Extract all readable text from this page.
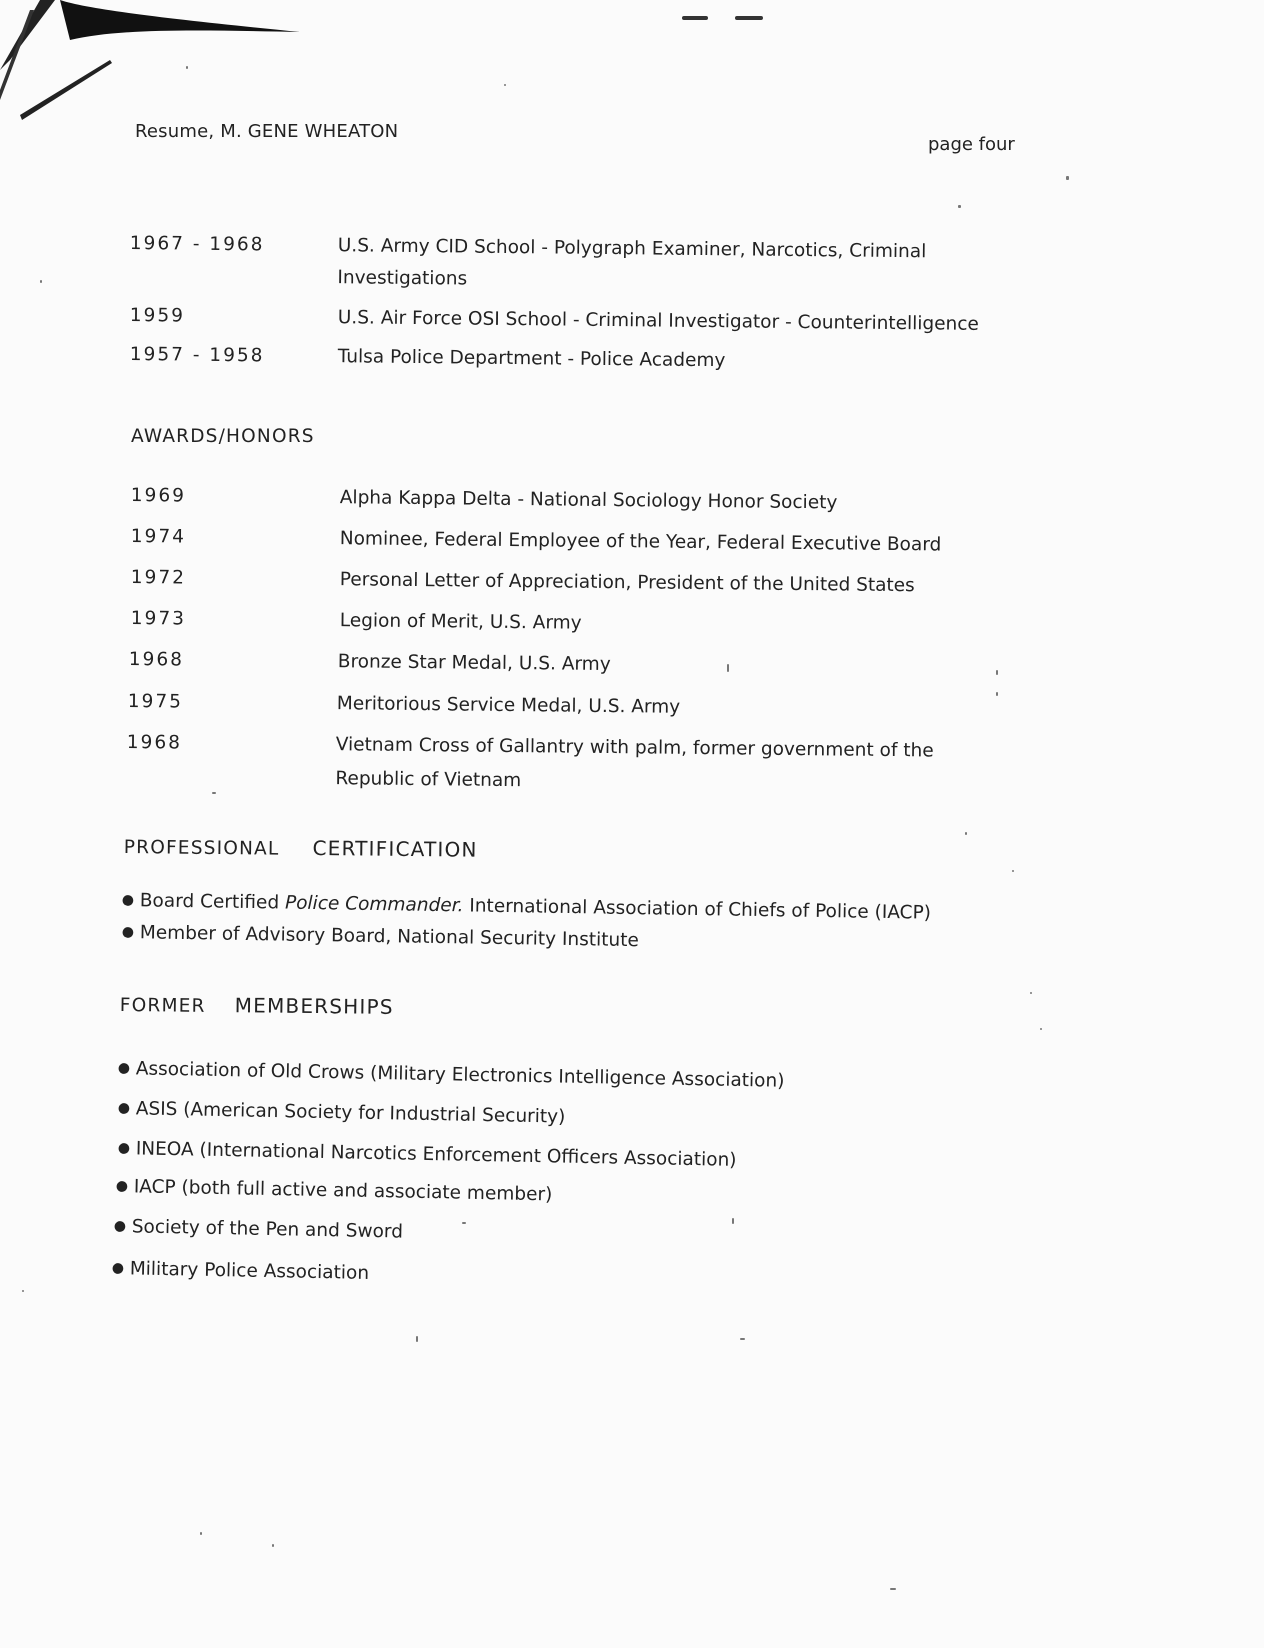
Resume, M. GENE WHEATON
page four
1967 - 1968	U.S. Army CID School - Polygraph Examiner, Narcotics, Criminal
Investigations
1959	U.S. Air Force OSI School - Criminal Investigator - Counterintelligence
1957 - 1958	Tulsa Police Department - Police Academy
AWARDS/HONORS
1969	Alpha Kappa Delta - National Sociology Honor Society
1974	Nominee, Federal Employee of the Year, Federal Executive Board
1972	Personal Letter of Appreciation, President of the United States
1973	Legion of Merit, U.S. Army
1968	Bronze Star Medal, U.S. Army
1975	Meritorious Service Medal, U.S. Army
1968	Vietnam Cross of Gallantry with palm, former government of the
Republic of Vietnam
PROFESSIONAL CERTIFICATION
● Board Certified Police Commander. International Association of Chiefs of Police (IACP)
● Member of Advisory Board, National Security Institute
FORMER MEMBERSHIPS
● Association of Old Crows (Military Electronics Intelligence Association)
● ASIS (American Society for Industrial Security)
● INEOA (International Narcotics Enforcement Officers Association)
● IACP (both full active and associate member)
● Society of the Pen and Sword
● Military Police Association
